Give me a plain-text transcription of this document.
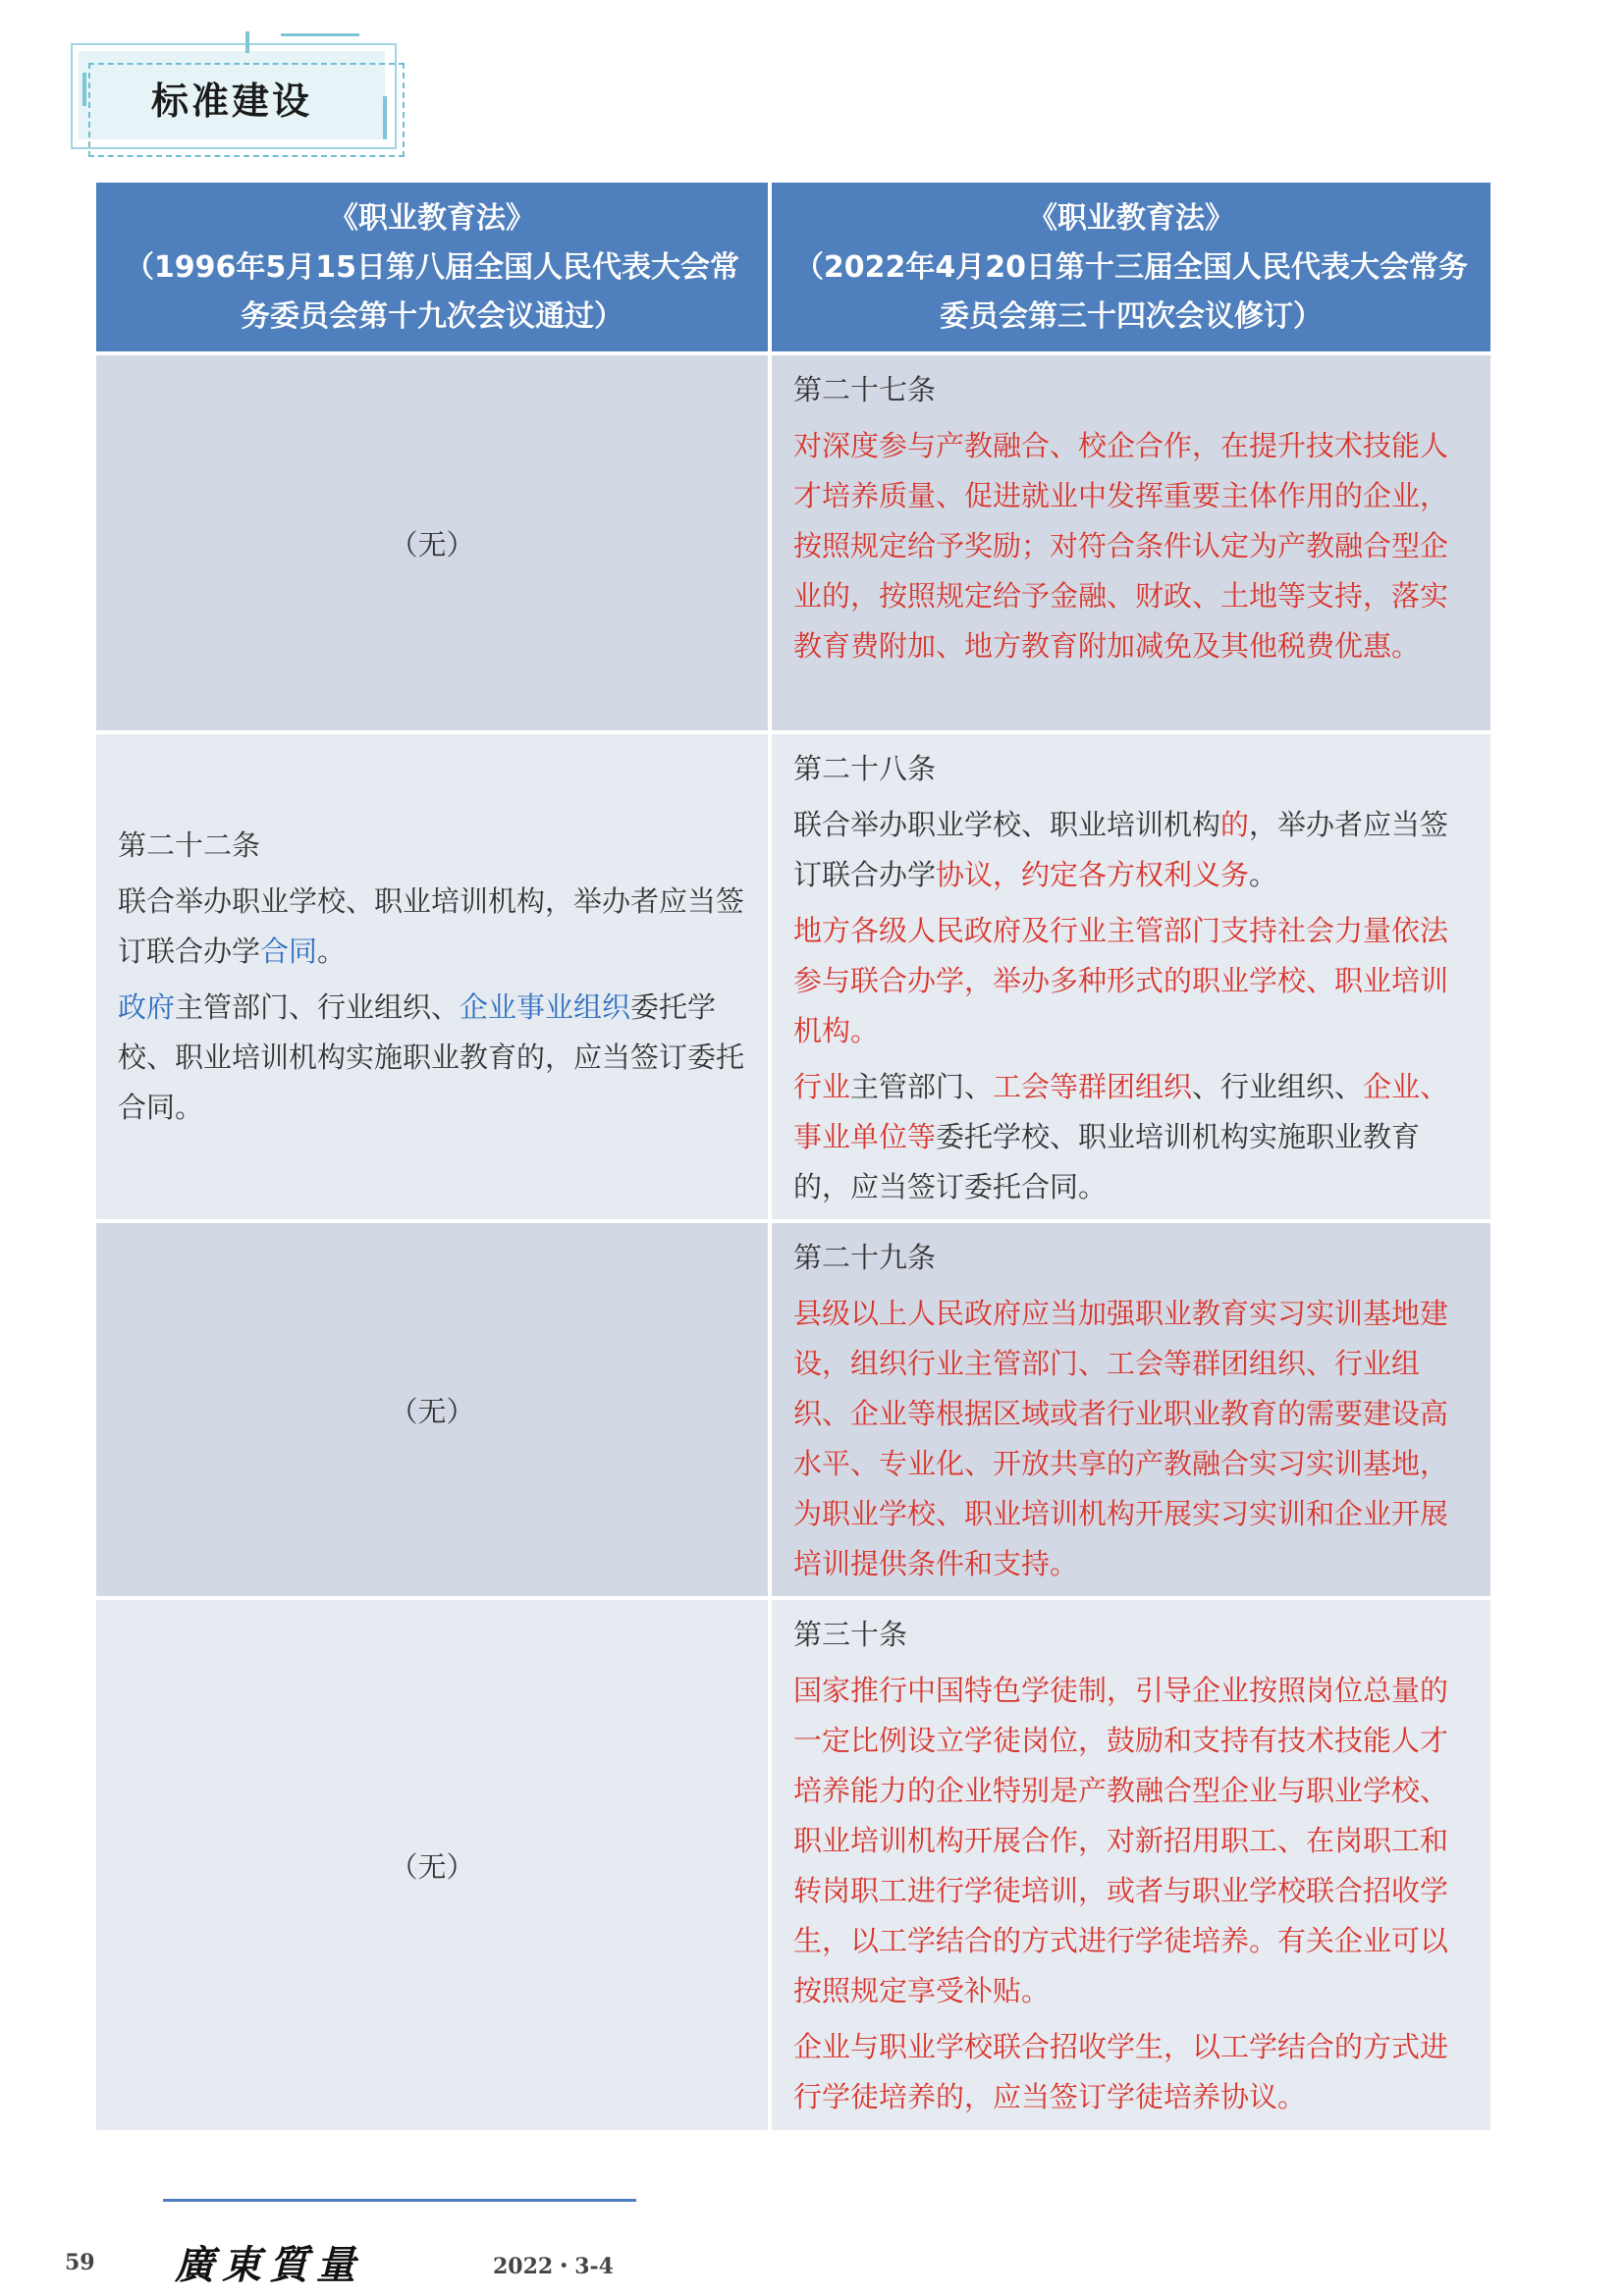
标准建设
《职业教育法》
（1996年5月15日第八届全国人民代表大会常务委员会第十九次会议通过）
《职业教育法》
（2022年4月20日第十三届全国人民代表大会常务委员会第三十四次会议修订）
（无）
第二十七条
对深度参与产教融合、校企合作，在提升技术技能人才培养质量、促进就业中发挥重要主体作用的企业，按照规定给予奖励；对符合条件认定为产教融合型企业的，按照规定给予金融、财政、土地等支持，落实教育费附加、地方教育附加减免及其他税费优惠。
第二十二条
联合举办职业学校、职业培训机构，举办者应当签订联合办学合同。
政府主管部门、行业组织、企业事业组织委托学校、职业培训机构实施职业教育的，应当签订委托合同。
第二十八条
联合举办职业学校、职业培训机构的，举办者应当签订联合办学协议，约定各方权利义务。
地方各级人民政府及行业主管部门支持社会力量依法参与联合办学，举办多种形式的职业学校、职业培训机构。
行业主管部门、工会等群团组织、行业组织、企业、事业单位等委托学校、职业培训机构实施职业教育的，应当签订委托合同。
（无）
第二十九条
县级以上人民政府应当加强职业教育实习实训基地建设，组织行业主管部门、工会等群团组织、行业组织、企业等根据区域或者行业职业教育的需要建设高水平、专业化、开放共享的产教融合实习实训基地，为职业学校、职业培训机构开展实习实训和企业开展培训提供条件和支持。
（无）
第三十条
国家推行中国特色学徒制，引导企业按照岗位总量的一定比例设立学徒岗位，鼓励和支持有技术技能人才培养能力的企业特别是产教融合型企业与职业学校、职业培训机构开展合作，对新招用职工、在岗职工和转岗职工进行学徒培训，或者与职业学校联合招收学生，以工学结合的方式进行学徒培养。有关企业可以按照规定享受补贴。
企业与职业学校联合招收学生，以工学结合的方式进行学徒培养的，应当签订学徒培养协议。
59 廣東質量	2022・3-4
